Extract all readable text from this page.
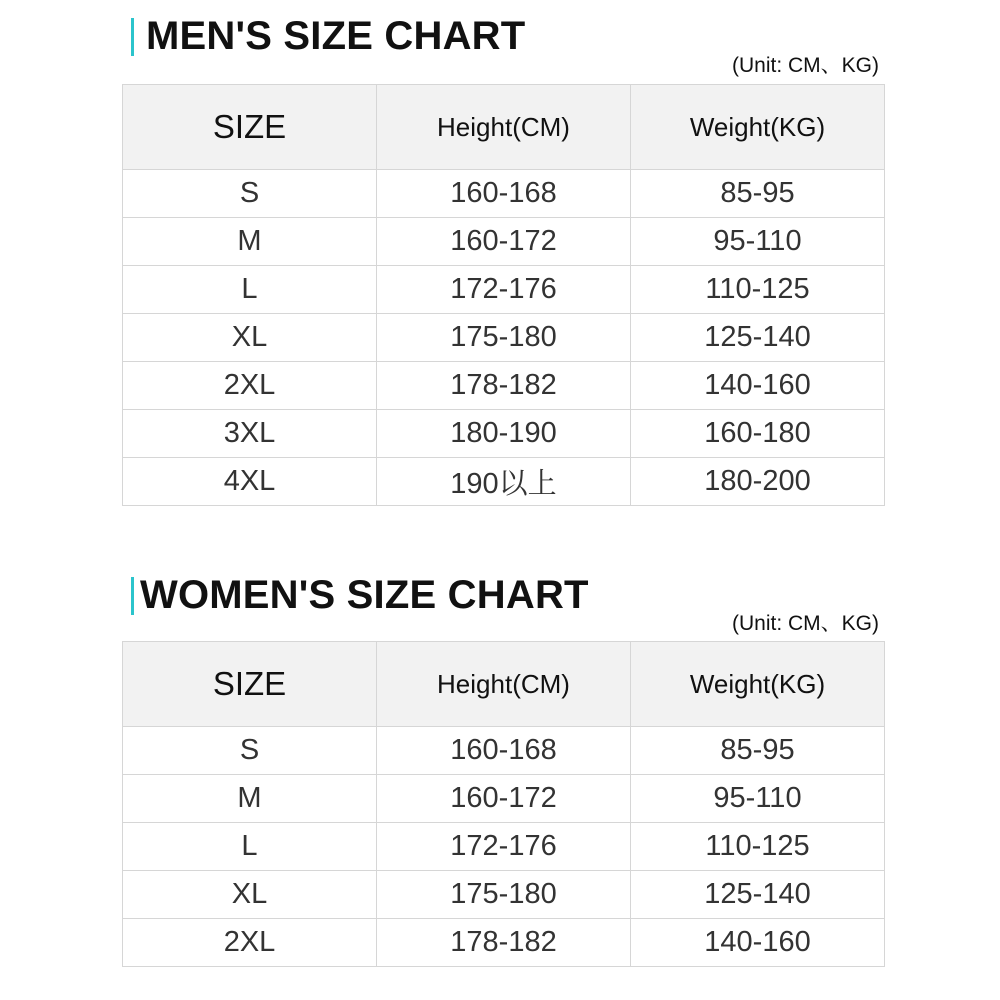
MEN'S SIZE CHART
(Unit: CM、KG)
SIZE	Height(CM)	Weight(KG)
S	160-168	85-95
M	160-172	95-110
L	172-176	110-125
XL	175-180	125-140
2XL	178-182	140-160
3XL	180-190	160-180
4XL	190以上	180-200
WOMEN'S SIZE CHART
(Unit: CM、KG)
SIZE	Height(CM)	Weight(KG)
S	160-168	85-95
M	160-172	95-110
L	172-176	110-125
XL	175-180	125-140
2XL	178-182	140-160
